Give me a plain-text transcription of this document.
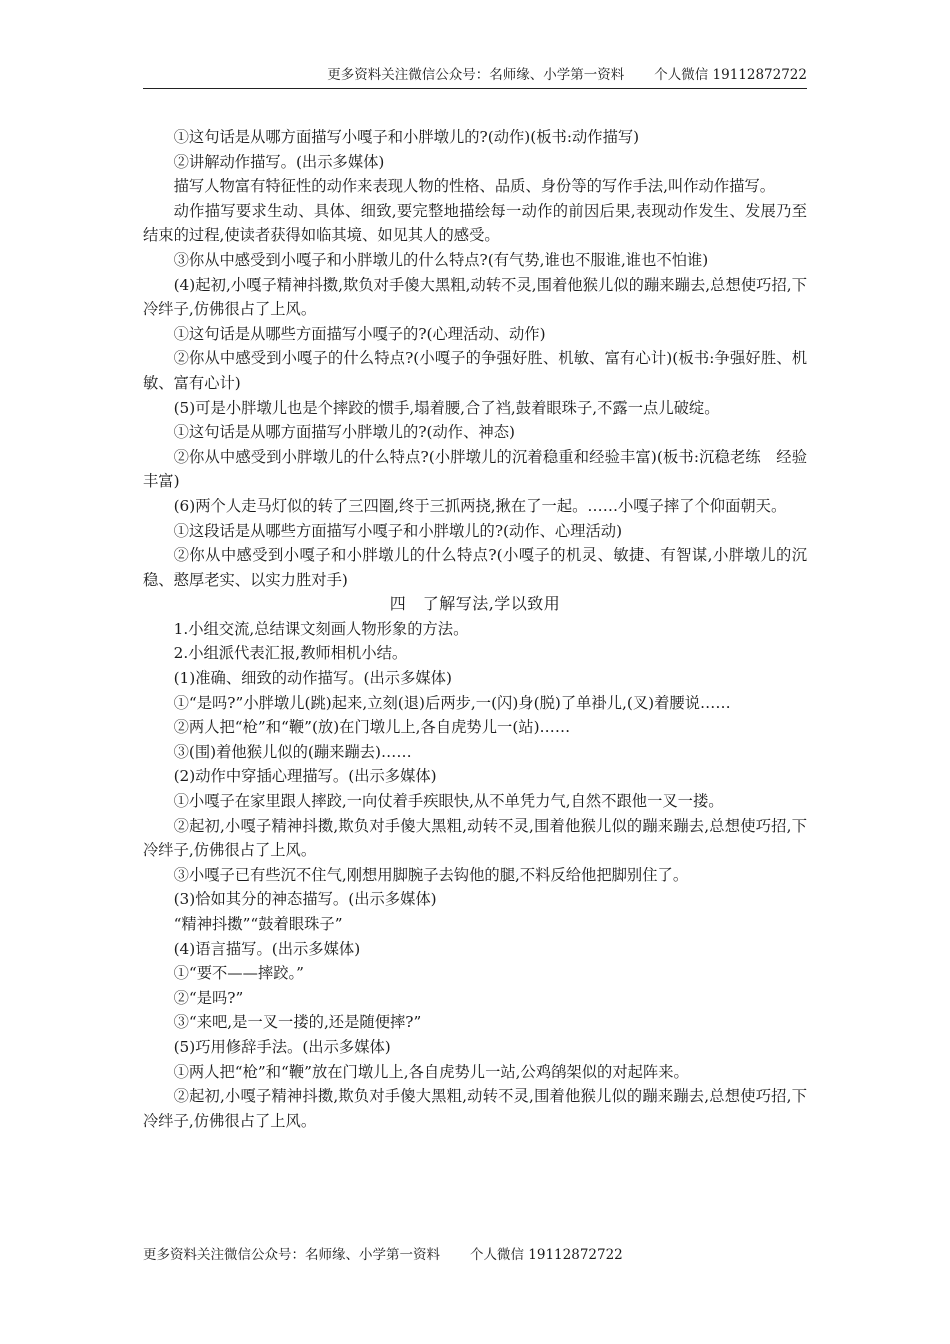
更多资料关注微信公众号：名师缘、小学第一资料 个人微信 19112872722

①这句话是从哪方面描写小嘎子和小胖墩儿的?(动作)(板书:动作描写)

②讲解动作描写。(出示多媒体)

描写人物富有特征性的动作来表现人物的性格、品质、身份等的写作手法,叫作动作描写。

动作描写要求生动、具体、细致,要完整地描绘每一动作的前因后果,表现动作发生、发展乃至结束的过程,使读者获得如临其境、如见其人的感受。

③你从中感受到小嘎子和小胖墩儿的什么特点?(有气势,谁也不服谁,谁也不怕谁)

(4)起初,小嘎子精神抖擞,欺负对手傻大黑粗,动转不灵,围着他猴儿似的蹦来蹦去,总想使巧招,下冷绊子,仿佛很占了上风。

①这句话是从哪些方面描写小嘎子的?(心理活动、动作)

②你从中感受到小嘎子的什么特点?(小嘎子的争强好胜、机敏、富有心计)(板书:争强好胜、机敏、富有心计)

(5)可是小胖墩儿也是个摔跤的惯手,塌着腰,合了裆,鼓着眼珠子,不露一点儿破绽。

①这句话是从哪方面描写小胖墩儿的?(动作、神态)

②你从中感受到小胖墩儿的什么特点?(小胖墩儿的沉着稳重和经验丰富)(板书:沉稳老练　经验丰富)

(6)两个人走马灯似的转了三四圈,终于三抓两挠,揪在了一起。……小嘎子摔了个仰面朝天。

①这段话是从哪些方面描写小嘎子和小胖墩儿的?(动作、心理活动)

②你从中感受到小嘎子和小胖墩儿的什么特点?(小嘎子的机灵、敏捷、有智谋,小胖墩儿的沉稳、憨厚老实、以实力胜对手)

四　了解写法,学以致用

1.小组交流,总结课文刻画人物形象的方法。

2.小组派代表汇报,教师相机小结。

(1)准确、细致的动作描写。(出示多媒体)

①“是吗?”小胖墩儿(跳)起来,立刻(退)后两步,一(闪)身(脱)了单褂儿,(叉)着腰说……

②两人把“枪”和“鞭”(放)在门墩儿上,各自虎势儿一(站)……

③(围)着他猴儿似的(蹦来蹦去)……

(2)动作中穿插心理描写。(出示多媒体)

①小嘎子在家里跟人摔跤,一向仗着手疾眼快,从不单凭力气,自然不跟他一叉一搂。

②起初,小嘎子精神抖擞,欺负对手傻大黑粗,动转不灵,围着他猴儿似的蹦来蹦去,总想使巧招,下冷绊子,仿佛很占了上风。

③小嘎子已有些沉不住气,刚想用脚腕子去钩他的腿,不料反给他把脚别住了。

(3)恰如其分的神态描写。(出示多媒体)

“精神抖擞”“鼓着眼珠子”

(4)语言描写。(出示多媒体)

①“要不——摔跤。”

②“是吗?”

③“来吧,是一叉一搂的,还是随便摔?”

(5)巧用修辞手法。(出示多媒体)

①两人把“枪”和“鞭”放在门墩儿上,各自虎势儿一站,公鸡鹐架似的对起阵来。

②起初,小嘎子精神抖擞,欺负对手傻大黑粗,动转不灵,围着他猴儿似的蹦来蹦去,总想使巧招,下冷绊子,仿佛很占了上风。

更多资料关注微信公众号：名师缘、小学第一资料 个人微信 19112872722
